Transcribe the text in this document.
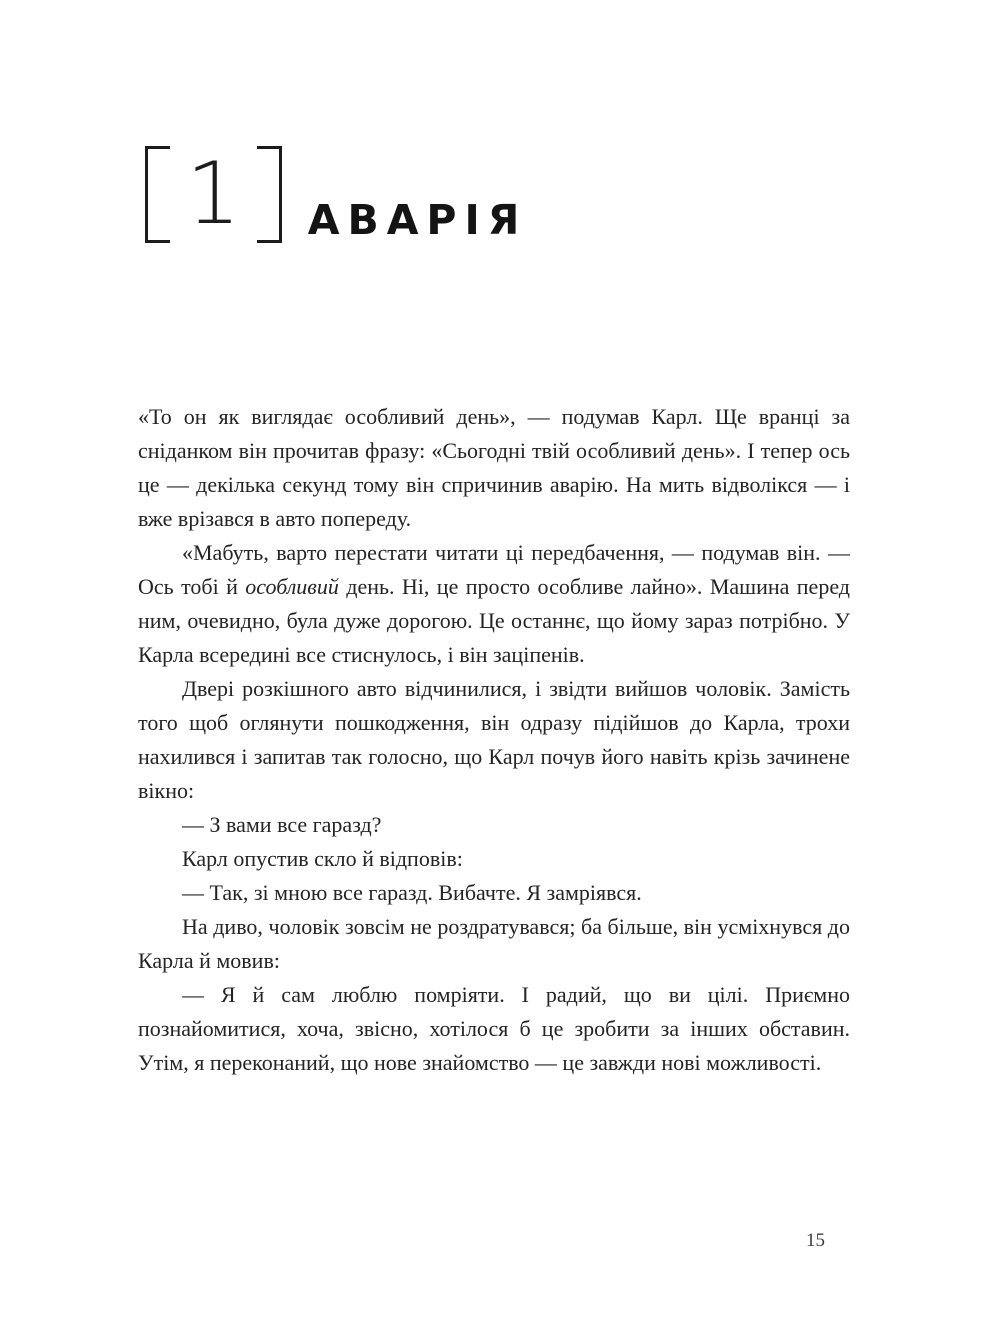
1	АВАРІЯ

«То он як виглядає особливий день», — подумав Карл. Ще вранці за сніданком він прочитав фразу: «Сьогодні твій особливий день». І тепер ось це — декілька секунд тому він спричинив аварію. На мить відволікся — і вже врізався в авто попереду.

«Мабуть, варто перестати читати ці передбачення, — подумав він. — Ось тобі й особливий день. Ні, це просто особливе лайно». Машина перед ним, очевидно, була дуже дорогою. Це останнє, що йому зараз потрібно. У Карла всередині все стиснулось, і він заціпенів.

Двері розкішного авто відчинилися, і звідти вийшов чоловік. Замість того щоб оглянути пошкодження, він одразу підійшов до Карла, трохи нахилився і запитав так голосно, що Карл почув його навіть крізь зачинене вікно:

— З вами все гаразд?

Карл опустив скло й відповів:

— Так, зі мною все гаразд. Вибачте. Я замріявся.

На диво, чоловік зовсім не роздратувався; ба більше, він усміхнувся до Карла й мовив:

— Я й сам люблю помріяти. І радий, що ви цілі. Приємно познайомитися, хоча, звісно, хотілося б це зробити за інших обставин. Утім, я переконаний, що нове знайомство — це завжди нові можливості.

15
